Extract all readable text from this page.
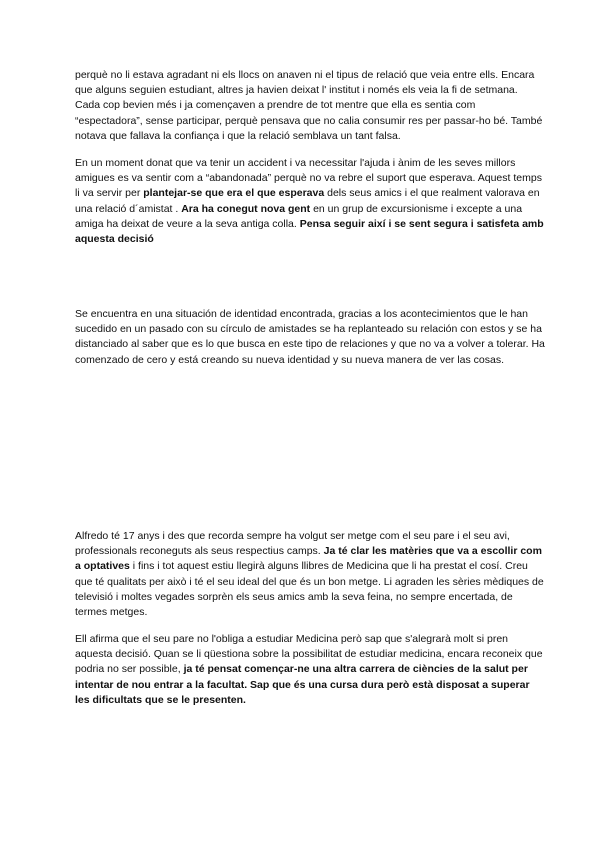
perquè no li estava agradant ni els llocs on anaven ni el tipus de relació que veia entre ells. Encara que alguns seguien estudiant, altres ja havien deixat l' institut i només els veia la fi de setmana. Cada cop bevien més i ja començaven a prendre de tot mentre que ella es sentia com “espectadora”, sense participar, perquè pensava que no calia consumir res per passar-ho bé. També notava que fallava la confiança i que la relació semblava un tant falsa.

En un moment donat que va tenir un accident i va necessitar l'ajuda i ànim de les seves millors amigues es va sentir com a “abandonada” perquè no va rebre el suport que esperava. Aquest temps li va servir per plantejar-se que era el que esperava dels seus amics i el que realment valorava en una relació d´amistat . Ara ha conegut nova gent en un grup de excursionisme i excepte a una amiga ha deixat de veure a la seva antiga colla. Pensa seguir així i se sent segura i satisfeta amb aquesta decisió

Se encuentra en una situación de identidad encontrada, gracias a los acontecimientos que le han sucedido en un pasado con su círculo de amistades se ha replanteado su relación con estos y se ha distanciado al saber que es lo que busca en este tipo de relaciones y que no va a volver a tolerar. Ha comenzado de cero y está creando su nueva identidad y su nueva manera de ver las cosas.

Alfredo té 17 anys i des que recorda sempre ha volgut ser metge com el seu pare i el seu avi, professionals reconeguts als seus respectius camps. Ja té clar les matèries que va a escollir com a optatives i fins i tot aquest estiu llegirà alguns llibres de Medicina que li ha prestat el cosí. Creu que té qualitats per això i té el seu ideal del que és un bon metge. Li agraden les sèries mèdiques de televisió i moltes vegades sorprèn els seus amics amb la seva feina, no sempre encertada, de termes metges.

Ell afirma que el seu pare no l'obliga a estudiar Medicina però sap que s'alegrarà molt si pren aquesta decisió. Quan se li qüestiona sobre la possibilitat de estudiar medicina, encara reconeix que podria no ser possible, ja té pensat començar-ne una altra carrera de ciències de la salut per intentar de nou entrar a la facultat. Sap que és una cursa dura però està disposat a superar les dificultats que se le presenten.
